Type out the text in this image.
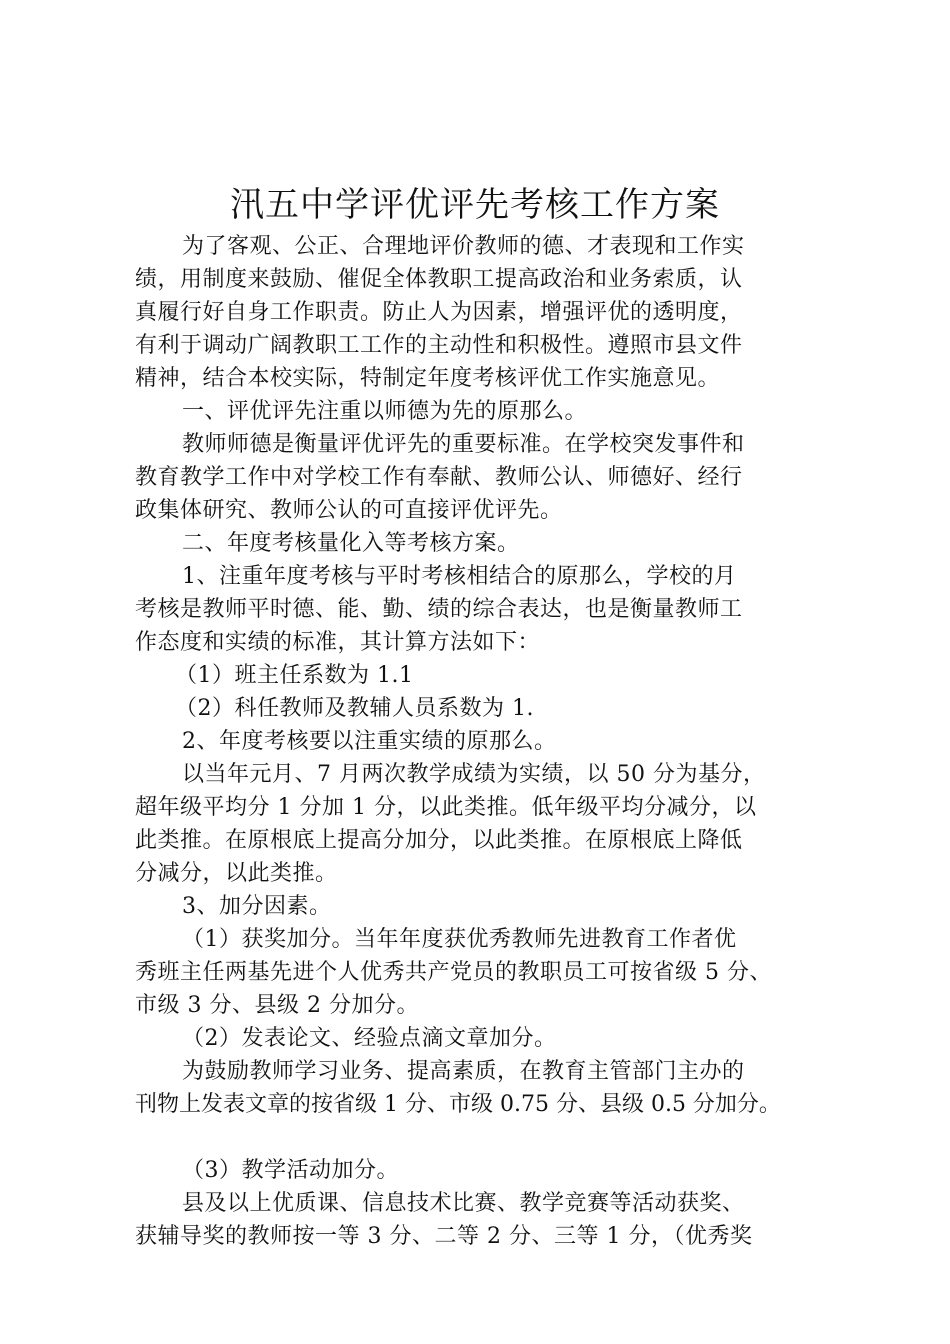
汛五中学评优评先考核工作方案
为了客观、公正、合理地评价教师的德、才表现和工作实
绩，用制度来鼓励、催促全体教职工提高政治和业务索质，认
真履行好自身工作职责。防止人为因素，增强评优的透明度，
有利于调动广阔教职工工作的主动性和积极性。遵照市县文件
精神，结合本校实际，特制定年度考核评优工作实施意见。
一、评优评先注重以师德为先的原那么。
教师师德是衡量评优评先的重要标准。在学校突发事件和
教育教学工作中对学校工作有奉献、教师公认、师德好、经行
政集体研究、教师公认的可直接评优评先。
二、年度考核量化入等考核方案。
1、注重年度考核与平时考核相结合的原那么，学校的月
考核是教师平时德、能、勤、绩的综合表达，也是衡量教师工
作态度和实绩的标准，其计算方法如下：
（1）班主任系数为 1.1
（2）科任教师及教辅人员系数为 1.
2、年度考核要以注重实绩的原那么。
以当年元月、7 月两次教学成绩为实绩，以 50 分为基分，
超年级平均分 1 分加 1 分，以此类推。低年级平均分减分，以
此类推。在原根底上提高分加分，以此类推。在原根底上降低
分减分，以此类推。
3、加分因素。
（1）获奖加分。当年年度获优秀教师先进教育工作者优
秀班主任两基先进个人优秀共产党员的教职员工可按省级 5 分、
市级 3 分、县级 2 分加分。
（2）发表论文、经验点滴文章加分。
为鼓励教师学习业务、提高素质，在教育主管部门主办的
刊物上发表文章的按省级 1 分、市级 0.75 分、县级 0.5 分加分。
（3）教学活动加分。
县及以上优质课、信息技术比赛、教学竞赛等活动获奖、
获辅导奖的教师按一等 3 分、二等 2 分、三等 1 分，（优秀奖
